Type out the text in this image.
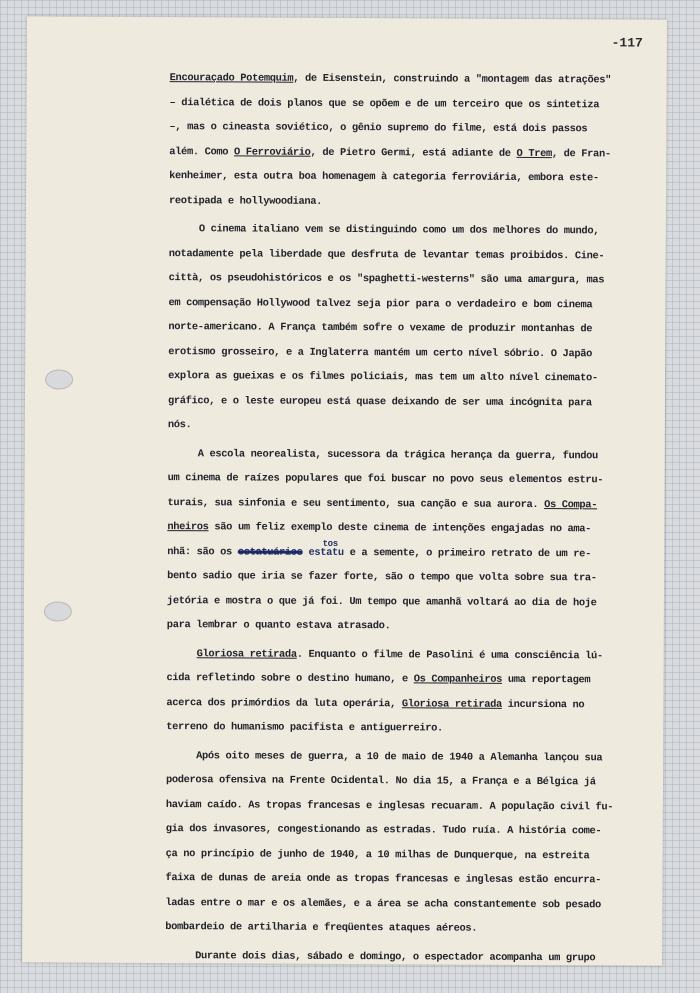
-117
Encouraçado Potemquim, de Eisenstein, construindo a "montagem das atrações"
– dialética de dois planos que se opõem e de um terceiro que os sintetiza
–, mas o cineasta soviético, o gênio supremo do filme, está dois passos
além. Como O Ferroviário, de Pietro Germi, está adiante de O Trem, de Fran-
kenheimer, esta outra boa homenagem à categoria ferroviária, embora este-
reotipada e hollywoodiana.
O cinema italiano vem se distinguindo como um dos melhores do mundo,
notadamente pela liberdade que desfruta de levantar temas proibidos. Cine-
città, os pseudohistóricos e os "spaghetti-westerns" são uma amargura, mas
em compensação Hollywood talvez seja pior para o verdadeiro e bom cinema
norte-americano. A França também sofre o vexame de produzir montanhas de
erotismo grosseiro, e a Inglaterra mantém um certo nível sóbrio. O Japão
explora as gueixas e os filmes policiais, mas tem um alto nível cinemato-
gráfico, e o leste europeu está quase deixando de ser uma incógnita para
nós.
A escola neorealista, sucessora da trágica herança da guerra, fundou
um cinema de raízes populares que foi buscar no povo seus elementos estru-
turais, sua sinfonia e seu sentimento, sua canção e sua aurora. Os Compa-
nheiros são um feliz exemplo deste cinema de intenções engajadas no ama-
nhã: são os estatuários estatu
tos
e a semente, o primeiro retrato de um re-
bento sadio que iria se fazer forte, são o tempo que volta sobre sua tra-
jetória e mostra o que já foi. Um tempo que amanhã voltará ao dia de hoje
para lembrar o quanto estava atrasado.
Gloriosa retirada. Enquanto o filme de Pasolini é uma consciência lú-
cida refletindo sobre o destino humano, e Os Companheiros uma reportagem
acerca dos primórdios da luta operária, Gloriosa retirada incursiona no
terreno do humanismo pacifista e antiguerreiro.
Após oito meses de guerra, a 10 de maio de 1940 a Alemanha lançou sua
poderosa ofensiva na Frente Ocidental. No dia 15, a França e a Bélgica já
haviam caído. As tropas francesas e inglesas recuaram. A população civil fu-
gia dos invasores, congestionando as estradas. Tudo ruía. A história come-
ça no princípio de junho de 1940, a 10 milhas de Dunquerque, na estreita
faixa de dunas de areia onde as tropas francesas e inglesas estão encurra-
ladas entre o mar e os alemães, e a área se acha constantemente sob pesado
bombardeio de artilharia e freqüentes ataques aéreos.
Durante dois dias, sábado e domingo, o espectador acompanha um grupo
